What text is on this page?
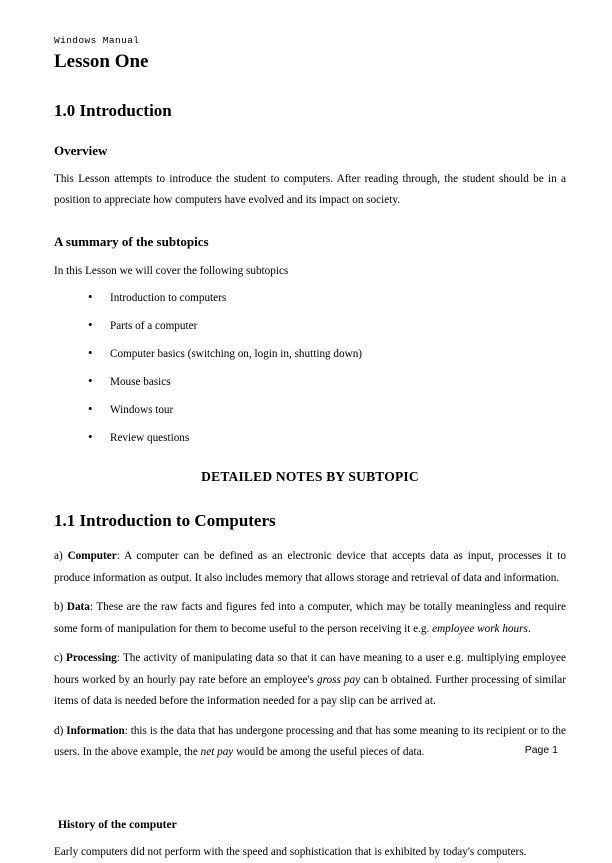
Windows Manual
Lesson One
1.0 Introduction
Overview
This Lesson attempts to introduce the student to computers. After reading through, the student should be in a position to appreciate how computers have evolved and its impact on society.
A summary of the subtopics
In this Lesson we will cover the following subtopics
• Introduction to computers
• Parts of a computer
• Computer basics (switching on, login in, shutting down)
• Mouse basics
• Windows tour
• Review questions
DETAILED NOTES BY SUBTOPIC
1.1 Introduction to Computers

a) Computer: A computer can be defined as an electronic device that accepts data as input, processes it to produce information as output. It also includes memory that allows storage and retrieval of data and information.

b) Data: These are the raw facts and figures fed into a computer, which may be totally meaningless and require some form of manipulation for them to become useful to the person receiving it e.g. employee work hours.

c) Processing: The activity of manipulating data so that it can have meaning to a user e.g. multiplying employee hours worked by an hourly pay rate before an employee's gross pay can b obtained. Further processing of similar items of data is needed before the information needed for a pay slip can be arrived at.

d) Information: this is the data that has undergone processing and that has some meaning to its recipient or to the users. In the above example, the net pay would be among the useful pieces of data.

History of the computer
Early computers did not perform with the speed and sophistication that is exhibited by today's computers.
Page 1
